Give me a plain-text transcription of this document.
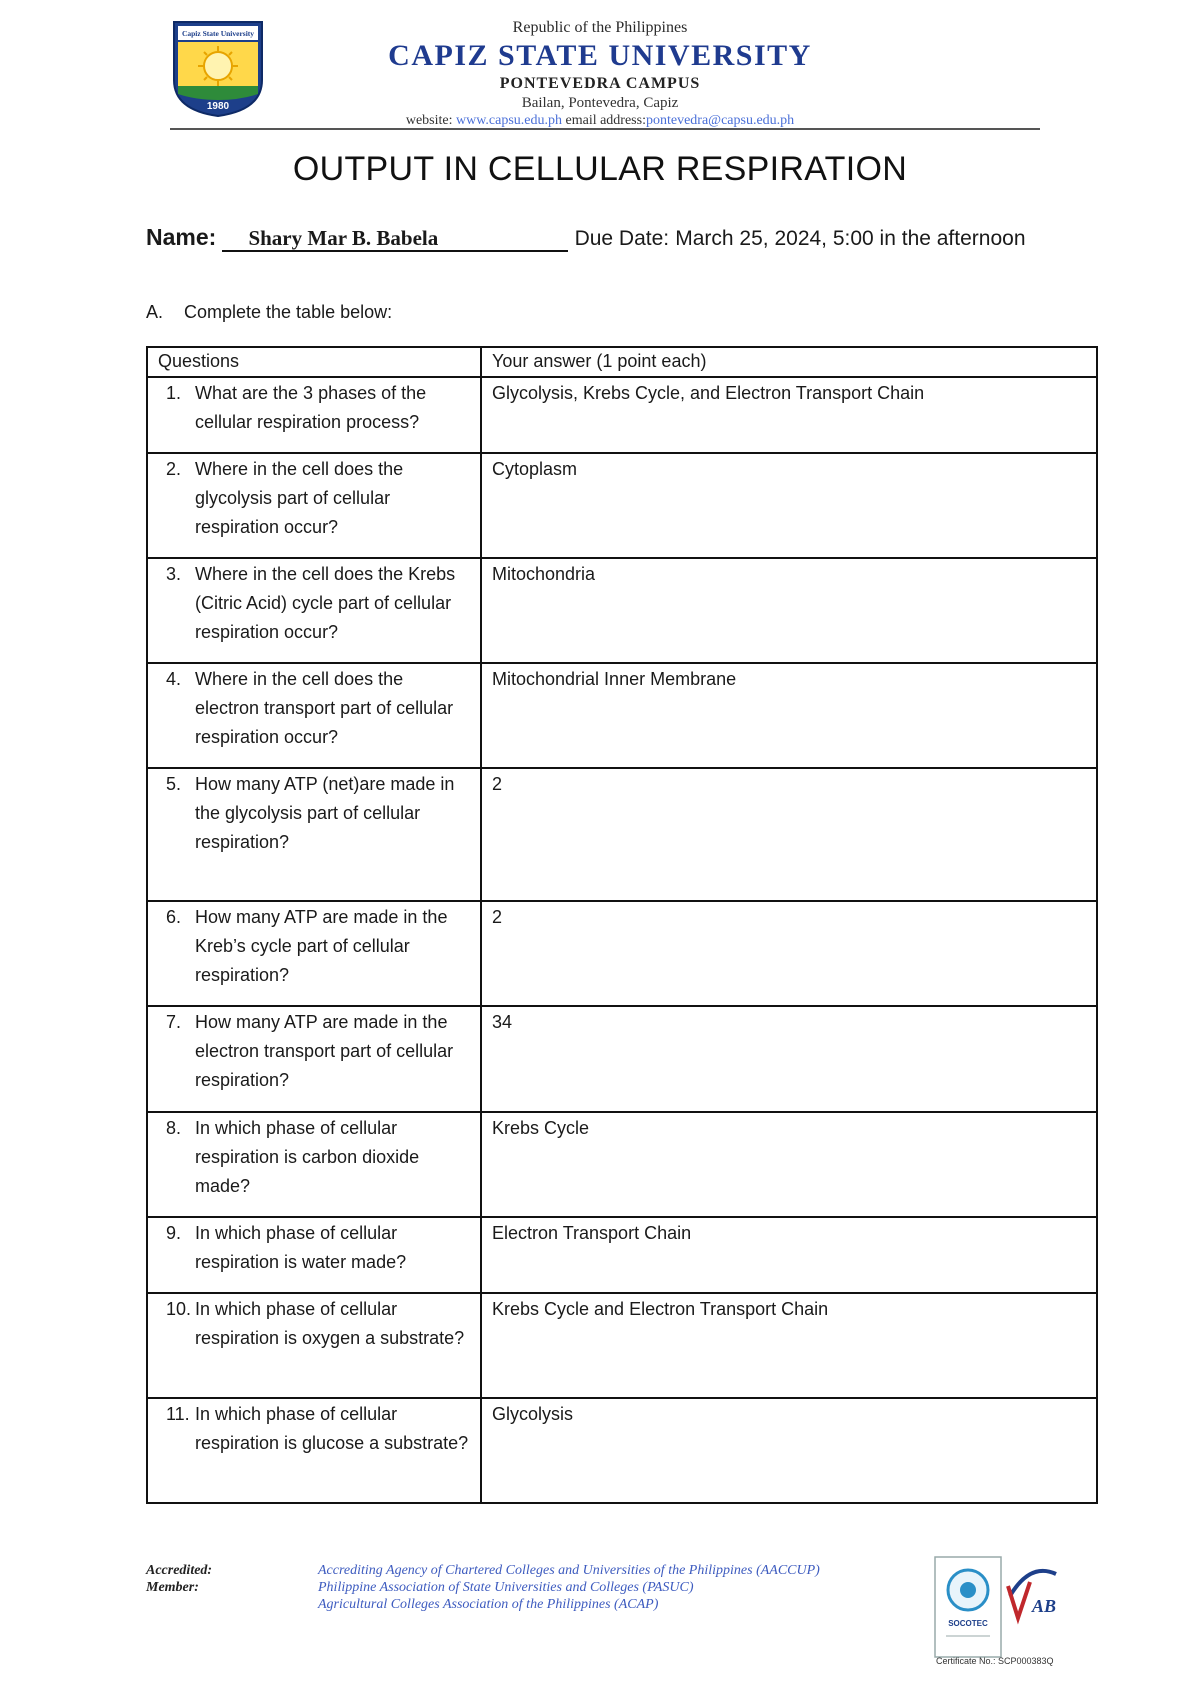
Capiz State University
1980
Republic of the Philippines
CAPIZ STATE UNIVERSITY
PONTEVEDRA CAMPUS
Bailan, Pontevedra, Capiz
website: www.capsu.edu.ph email address:pontevedra@capsu.edu.ph
OUTPUT IN CELLULAR RESPIRATION
Name: Shary Mar B. Babela	Due Date: March 25, 2024, 5:00 in the afternoon
A. Complete the table below:
Questions	Your answer (1 point each)

1. What are the 3 phases of the cellular respiration process?	Glycolysis, Krebs Cycle, and Electron Transport Chain

2. Where in the cell does the glycolysis part of cellular respiration occur?	Cytoplasm

3. Where in the cell does the Krebs (Citric Acid) cycle part of cellular respiration occur?	Mitochondria

4. Where in the cell does the electron transport part of cellular respiration occur?	Mitochondrial Inner Membrane

5. How many ATP (net)are made in the glycolysis part of cellular respiration?	2

6. How many ATP are made in the Kreb’s cycle part of cellular respiration?	2

7. How many ATP are made in the electron transport part of cellular respiration?	34

8. In which phase of cellular respiration is carbon dioxide made?	Krebs Cycle

9. In which phase of cellular respiration is water made?	Electron Transport Chain

10. In which phase of cellular respiration is oxygen a substrate?	Krebs Cycle and Electron Transport Chain

11. In which phase of cellular respiration is glucose a substrate?	Glycolysis
Accredited:
Member:
Accrediting Agency of Chartered Colleges and Universities of the Philippines (AACCUP)
Philippine Association of State Universities and Colleges (PASUC)
Agricultural Colleges Association of the Philippines (ACAP)
SOCOTEC
AB
Certificate No.: SCP000383Q
